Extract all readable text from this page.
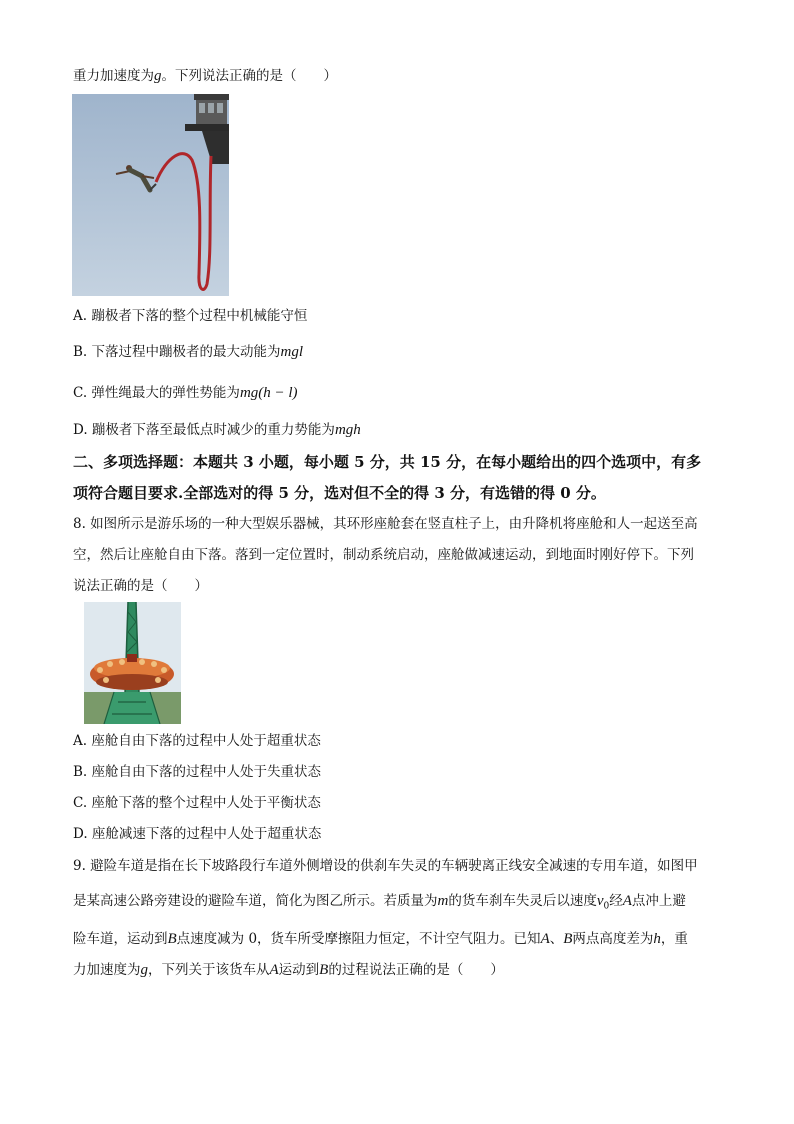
重力加速度为g。下列说法正确的是（　　）
A. 蹦极者下落的整个过程中机械能守恒
B. 下落过程中蹦极者的最大动能为mgl
C. 弹性绳最大的弹性势能为mg(h − l)
D. 蹦极者下落至最低点时减少的重力势能为mgh
二、多项选择题：本题共 3 小题，每小题 5 分，共 15 分，在每小题给出的四个选项中，有多
项符合题目要求.全部选对的得 5 分，选对但不全的得 3 分，有选错的得 0 分。
8. 如图所示是游乐场的一种大型娱乐器械，其环形座舱套在竖直柱子上，由升降机将座舱和人一起送至高
空，然后让座舱自由下落。落到一定位置时，制动系统启动，座舱做减速运动，到地面时刚好停下。下列
说法正确的是（　　）
A. 座舱自由下落的过程中人处于超重状态
B. 座舱自由下落的过程中人处于失重状态
C. 座舱下落的整个过程中人处于平衡状态
D. 座舱减速下落的过程中人处于超重状态
9. 避险车道是指在长下坡路段行车道外侧增设的供刹车失灵的车辆驶离正线安全减速的专用车道，如图甲
是某高速公路旁建设的避险车道，简化为图乙所示。若质量为m的货车刹车失灵后以速度$v_0$经A点冲上避
险车道，运动到B点速度减为 0，货车所受摩擦阻力恒定，不计空气阻力。已知A、B两点高度差为h，重
力加速度为g，下列关于该货车从A运动到B的过程说法正确的是（　　）
